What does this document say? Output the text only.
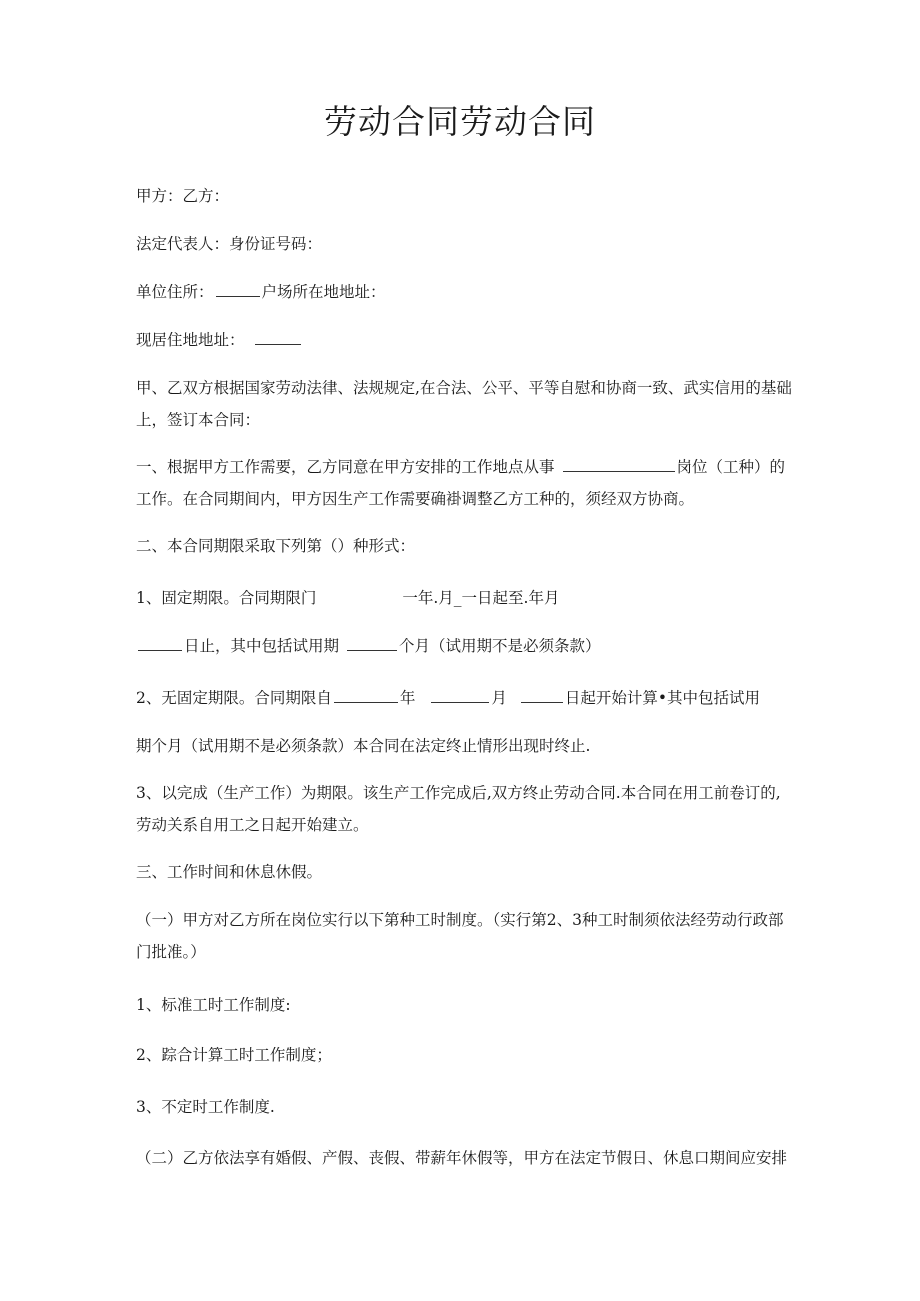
劳动合同劳动合同
甲方：乙方：
法定代表人：身份证号码：
单位住所：	户场所在地地址：
现居住地地址：
甲、乙双方根据国家劳动法律、法规规定,在合法、公平、平等自慰和协商一致、武实信用的基础
上，签订本合同：
一、根据甲方工作需要，乙方同意在甲方安排的工作地点从事	岗位（工种）的
工作。在合同期间内，甲方因生产工作需要确褂调整乙方工种的，须经双方协商。
二、本合同期限采取下列第（）种形式：
1、固定期限。合同期限门	一年.月_一日起至.年月
日止，其中包括试用期	个月（试用期不是必须条款）
2、无固定期限。合同期限自	年	月	日起开始计算•其中包括试用
期个月（试用期不是必须条款）本合同在法定终止情形出现时终止.
3、以完成（生产工作）为期限。该生产工作完成后,双方终止劳动合同.本合同在用工前卷订的,
劳动关系自用工之日起开始建立。
三、工作时间和休息休假。
（一）甲方对乙方所在岗位实行以下第种工时制度。（实行第2、3种工时制须依法经劳动行政部
门批准。）
1、标准工时工作制度:
2、踪合计算工时工作制度；
3、不定时工作制度.
（二）乙方依法享有婚假、产假、丧假、带薪年休假等，甲方在法定节假日、休息口期间应安排
